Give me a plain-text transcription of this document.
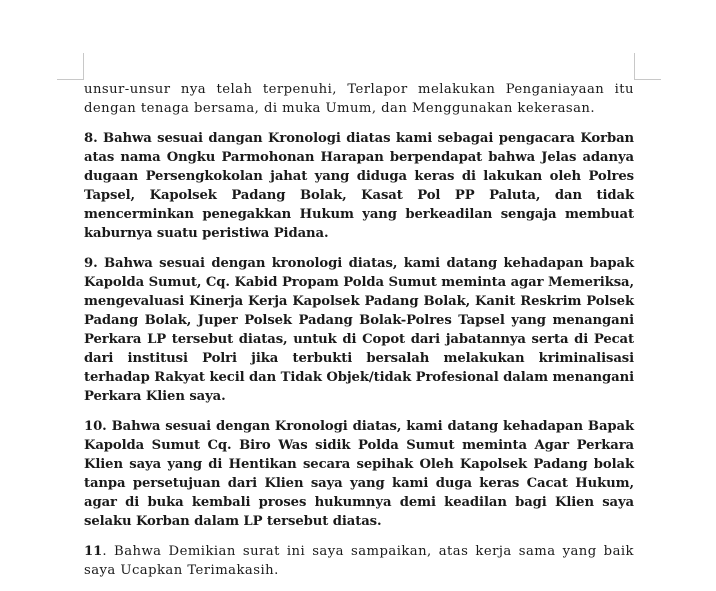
unsur-unsur nya telah terpenuhi, Terlapor melakukan Penganiayaan itu dengan tenaga bersama, di muka Umum, dan Menggunakan kekerasan.

8. Bahwa sesuai dangan Kronologi diatas kami sebagai pengacara Korban atas nama Ongku Parmohonan Harapan berpendapat bahwa Jelas adanya dugaan Persengkokolan jahat yang diduga keras di lakukan oleh Polres Tapsel, Kapolsek Padang Bolak, Kasat Pol PP Paluta, dan tidak mencerminkan penegakkan Hukum yang berkeadilan sengaja membuat kaburnya suatu peristiwa Pidana.

9. Bahwa sesuai dengan kronologi diatas, kami datang kehadapan bapak Kapolda Sumut, Cq. Kabid Propam Polda Sumut meminta agar Memeriksa, mengevaluasi Kinerja Kerja Kapolsek Padang Bolak, Kanit Reskrim Polsek Padang Bolak, Juper Polsek Padang Bolak-Polres Tapsel yang menangani Perkara LP tersebut diatas, untuk di Copot dari jabatannya serta di Pecat dari institusi Polri jika terbukti bersalah melakukan kriminalisasi terhadap Rakyat kecil dan Tidak Objek/tidak Profesional dalam menangani Perkara Klien saya.

10. Bahwa sesuai dengan Kronologi diatas, kami datang kehadapan Bapak Kapolda Sumut Cq. Biro Was sidik Polda Sumut meminta Agar Perkara Klien saya yang di Hentikan secara sepihak Oleh Kapolsek Padang bolak tanpa persetujuan dari Klien saya yang kami duga keras Cacat Hukum, agar di buka kembali proses hukumnya demi keadilan bagi Klien saya selaku Korban dalam LP tersebut diatas.

11. Bahwa Demikian surat ini saya sampaikan, atas kerja sama yang baik saya Ucapkan Terimakasih.
